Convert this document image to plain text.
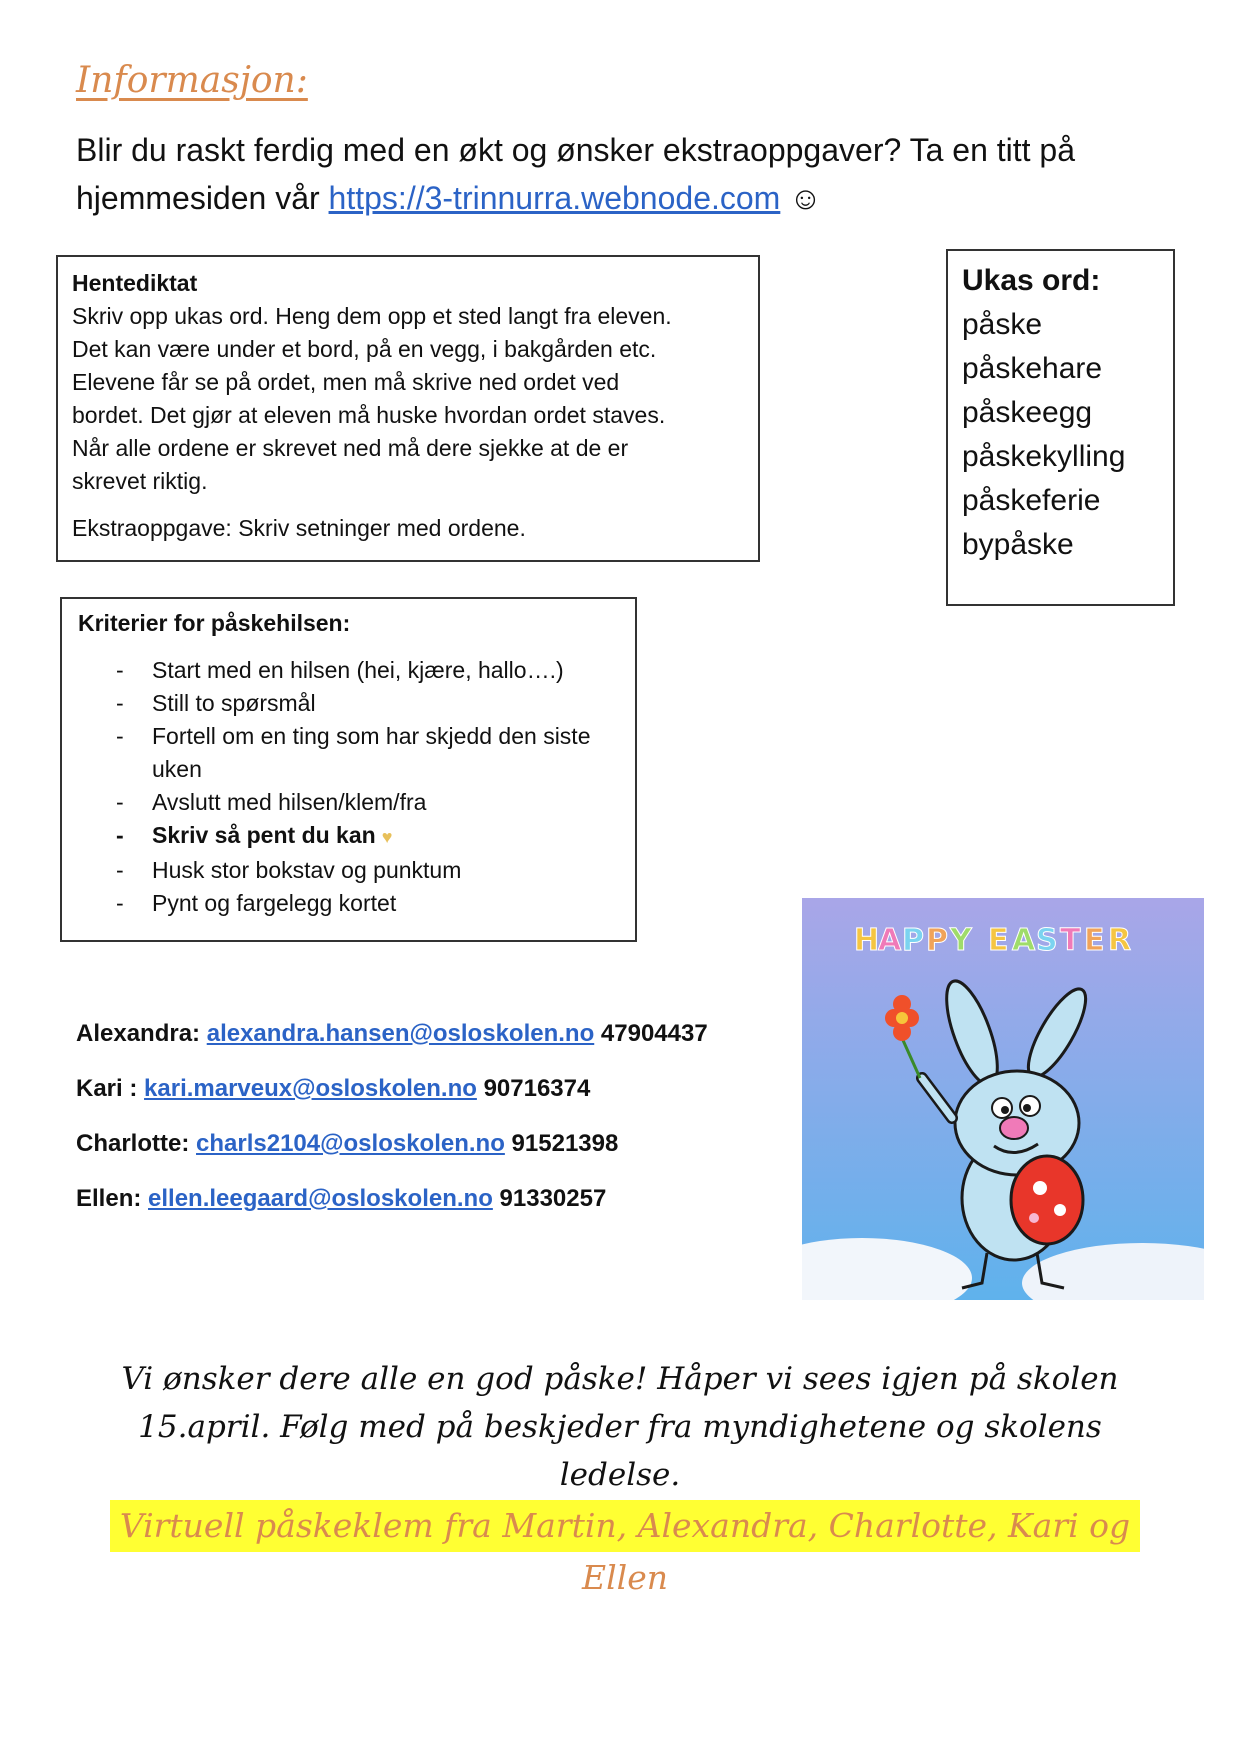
Informasjon:
Blir du raskt ferdig med en økt og ønsker ekstraoppgaver? Ta en titt på hjemmesiden vår https://3-trinnurra.webnode.com ☺
Hentediktat
Skriv opp ukas ord. Heng dem opp et sted langt fra eleven.
Det kan være under et bord, på en vegg, i bakgården etc.
Elevene får se på ordet, men må skrive ned ordet ved
bordet. Det gjør at eleven må huske hvordan ordet staves.
Når alle ordene er skrevet ned må dere sjekke at de er
skrevet riktig.
Ekstraoppgave: Skriv setninger med ordene.
Ukas ord:
påske
påskehare
påskeegg
påskekylling
påskeferie
bypåske
Kriterier for påskehilsen:
- Start med en hilsen (hei, kjære, hallo….)
- Still to spørsmål
- Fortell om en ting som har skjedd den siste uken
- Avslutt med hilsen/klem/fra
- Skriv så pent du kan ♥
- Husk stor bokstav og punktum
- Pynt og fargelegg kortet
Alexandra: alexandra.hansen@osloskolen.no 47904437
Kari : kari.marveux@osloskolen.no 90716374
Charlotte: charls2104@osloskolen.no 91521398
Ellen: ellen.leegaard@osloskolen.no 91330257
H
A P P Y E A S T E R
Vi ønsker dere alle en god påske! Håper vi sees igjen på skolen 15.april. Følg med på beskjeder fra myndighetene og skolens ledelse.
Virtuell påskeklem fra Martin, Alexandra, Charlotte, Kari og Ellen
